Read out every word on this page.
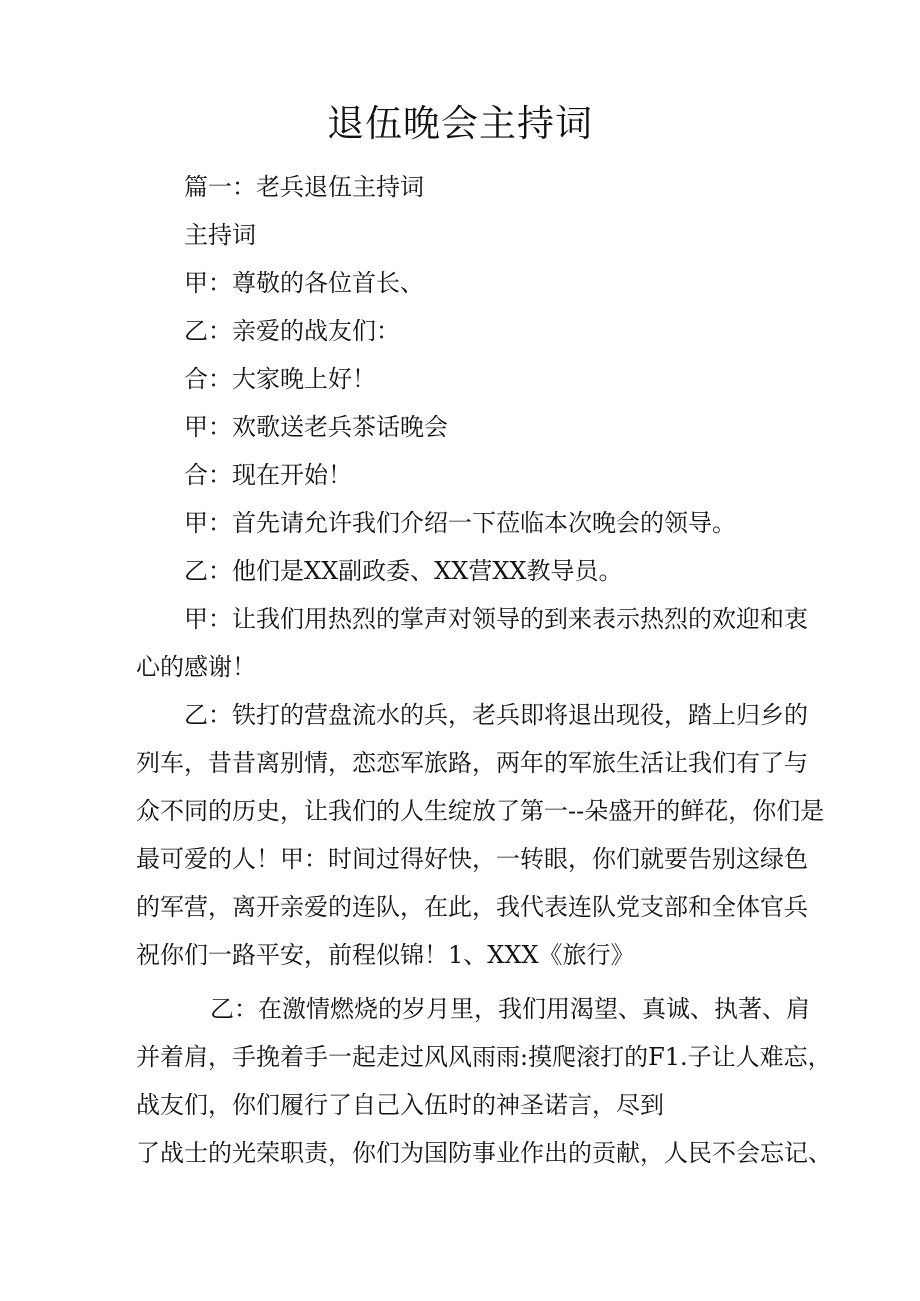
退伍晚会主持词
篇一：老兵退伍主持词
主持词
甲：尊敬的各位首长、
乙：亲爱的战友们：
合：大家晚上好！
甲：欢歌送老兵茶话晚会
合：现在开始！
甲：首先请允许我们介绍一下莅临本次晚会的领导。
乙：他们是XX副政委、XX营XX教导员。
甲：让我们用热烈的掌声对领导的到来表示热烈的欢迎和衷
心的感谢！
乙：铁打的营盘流水的兵，老兵即将退出现役，踏上归乡的
列车，昔昔离别情，恋恋军旅路，两年的军旅生活让我们有了与
众不同的历史，让我们的人生绽放了第一--朵盛开的鲜花，你们是
最可爱的人！甲：时间过得好快，一转眼，你们就要告别这绿色
的军营，离开亲爱的连队，在此，我代表连队党支部和全体官兵
祝你们一路平安，前程似锦！1、XXX《旅行》
乙：在激情燃烧的岁月里，我们用渴望、真诚、执著、肩
并着肩，手挽着手一起走过风风雨雨:摸爬滚打的F1.子让人难忘，
战友们，你们履行了自己入伍时的神圣诺言，尽到
了战士的光荣职责，你们为国防事业作出的贡献，人民不会忘记、
